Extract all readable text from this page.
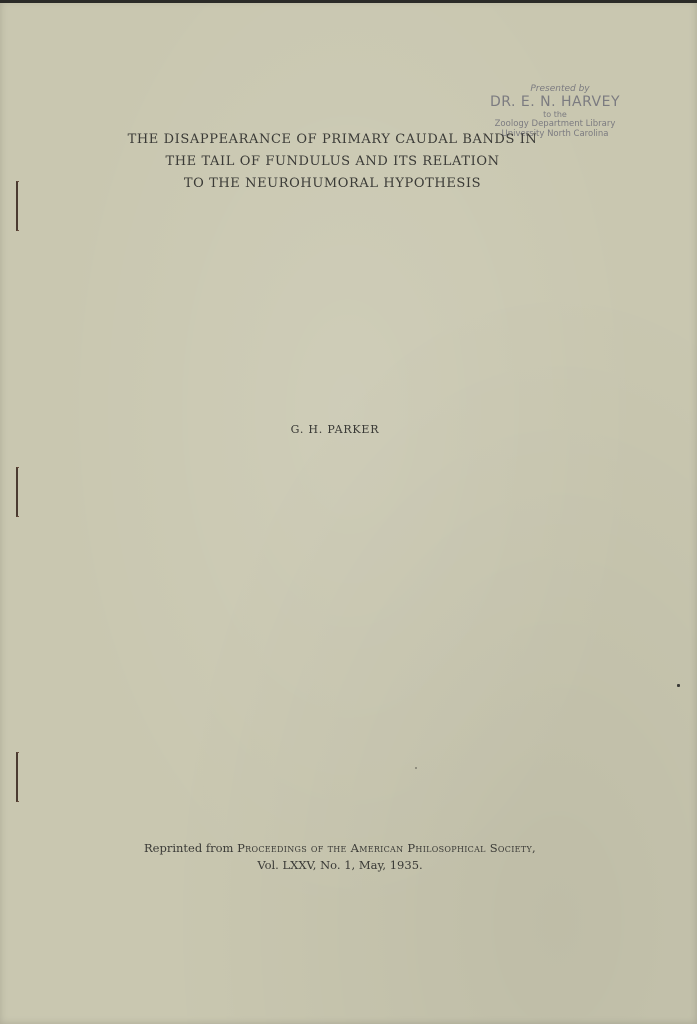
Presented by
DR. E. N. HARVEY
to the
Zoology Department Library
University North Carolina
THE DISAPPEARANCE OF PRIMARY CAUDAL BANDS IN
THE TAIL OF FUNDULUS AND ITS RELATION
TO THE NEUROHUMORAL HYPOTHESIS
G. H. PARKER
Reprinted from Proceedings of the American Philosophical Society,
Vol. LXXV, No. 1, May, 1935.
